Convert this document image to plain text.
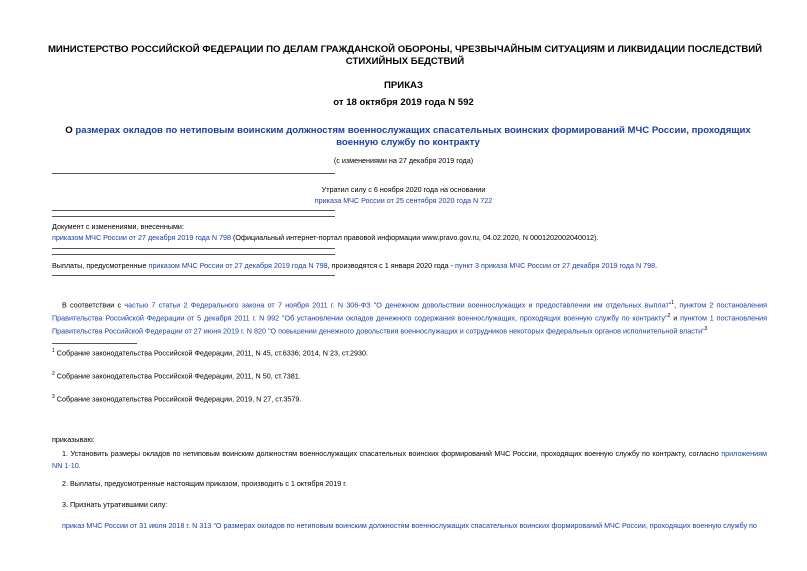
МИНИСТЕРСТВО РОССИЙСКОЙ ФЕДЕРАЦИИ ПО ДЕЛАМ ГРАЖДАНСКОЙ ОБОРОНЫ, ЧРЕЗВЫЧАЙНЫМ СИТУАЦИЯМ И ЛИКВИДАЦИИ ПОСЛЕДСТВИЙ СТИХИЙНЫХ БЕДСТВИЙ
ПРИКАЗ
от 18 октября 2019 года N 592
О размерах окладов по нетиповым воинским должностям военнослужащих спасательных воинских формирований МЧС России, проходящих военную службу по контракту
(с изменениями на 27 декабря 2019 года)
Утратил силу с 6 ноября 2020 года на основании
приказа МЧС России от 25 сентября 2020 года N 722
Документ с изменениями, внесенными:
приказом МЧС России от 27 декабря 2019 года N 798 (Официальный интернет-портал правовой информации www.pravo.gov.ru, 04.02.2020, N 0001202002040012).
Выплаты, предусмотренные приказом МЧС России от 27 декабря 2019 года N 798, производятся с 1 января 2020 года - пункт 3 приказа МЧС России от 27 декабря 2019 года N 798.
В соответствии с частью 7 статьи 2 Федерального закона от 7 ноября 2011 г. N 306-ФЗ "О денежном довольствии военнослужащих и предоставлении им отдельных выплат"$^1$, пунктом 2 постановления Правительства Российской Федерации от 5 декабря 2011 г. N 992 "Об установлении окладов денежного содержания военнослужащих, проходящих военную службу по контракту"$^2$ и пунктом 1 постановления Правительства Российской Федерации от 27 июня 2019 г. N 820 "О повышении денежного довольствия военнослужащих и сотрудников некоторых федеральных органов исполнительной власти"$^3$
$^1$ Собрание законодательства Российской Федерации, 2011, N 45, ст.6336; 2014, N 23, ст.2930.
$^2$ Собрание законодательства Российской Федерации, 2011, N 50, ст.7381.
$^3$ Собрание законодательства Российской Федерации, 2019, N 27, ст.3579.
приказываю:
1. Установить размеры окладов по нетиповым воинским должностям военнослужащих спасательных воинских формирований МЧС России, проходящих военную службу по контракту, согласно приложениям NN 1-10.
2. Выплаты, предусмотренные настоящим приказом, производить с 1 октября 2019 г.
3. Признать утратившими силу:
приказ МЧС России от 31 июля 2018 г. N 313 "О размерах окладов по нетиповым воинским должностям военнослужащих спасательных воинских формирований МЧС России, проходящих военную службу по
